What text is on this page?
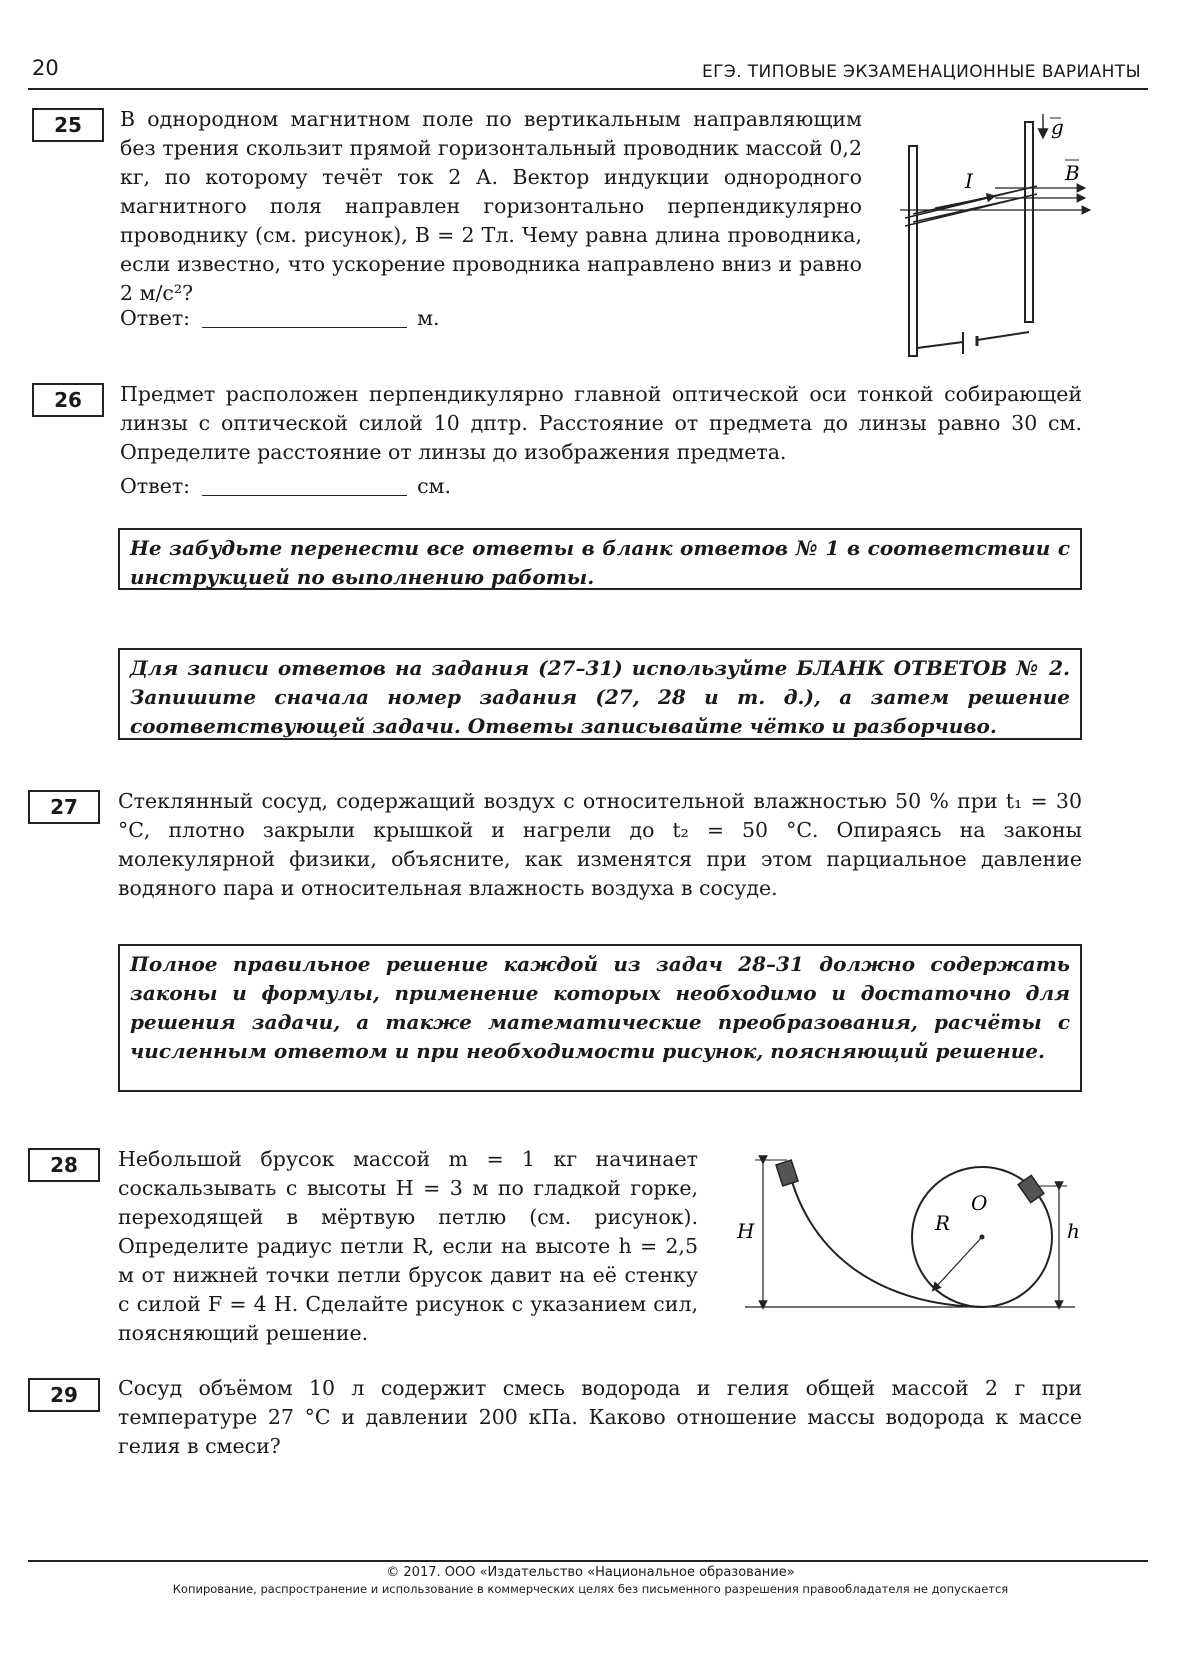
20	ЕГЭ. ТИПОВЫЕ ЭКЗАМЕНАЦИОННЫЕ ВАРИАНТЫ
25	В однородном магнитном поле по вертикальным направляющим без трения скользит прямой горизонтальный проводник массой 0,2 кг, по которому течёт ток 2 А. Вектор индукции однородного магнитного поля направлен горизонтально перпендикулярно проводнику (см. рисунок), B = 2 Тл. Чему равна длина проводника, если известно, что ускорение проводника направлено вниз и равно 2 м/с²?
Ответ:	м.
g
B
I
26	Предмет расположен перпендикулярно главной оптической оси тонкой собирающей линзы с оптической силой 10 дптр. Расстояние от предмета до линзы равно 30 см. Определите расстояние от линзы до изображения предмета.
Ответ:	см.
Не забудьте перенести все ответы в бланк ответов № 1 в соответствии с инструкцией по выполнению работы.
Для записи ответов на задания (27–31) используйте БЛАНК ОТВЕТОВ № 2. Запишите сначала номер задания (27, 28 и т. д.), а затем решение соответствующей задачи. Ответы записывайте чётко и разборчиво.
27	Стеклянный сосуд, содержащий воздух с относительной влажностью 50 % при t₁ = 30 °С, плотно закрыли крышкой и нагрели до t₂ = 50 °С. Опираясь на законы молекулярной физики, объясните, как изменятся при этом парциальное давление водяного пара и относительная влажность воздуха в сосуде.
Полное правильное решение каждой из задач 28–31 должно содержать законы и формулы, применение которых необходимо и достаточно для решения задачи, а также математические преобразования, расчёты с численным ответом и при необходимости рисунок, поясняющий решение.
28	Небольшой брусок массой m = 1 кг начинает соскальзывать с высоты H = 3 м по гладкой горке, переходящей в мёртвую петлю (см. рисунок). Определите радиус петли R, если на высоте h = 2,5 м от нижней точки петли брусок давит на её стенку с силой F = 4 Н. Сделайте рисунок с указанием сил, поясняющий решение.
H	h
R
O
29	Сосуд объёмом 10 л содержит смесь водорода и гелия общей массой 2 г при температуре 27 °С и давлении 200 кПа. Каково отношение массы водорода к массе гелия в смеси?
© 2017. ООО «Издательство «Национальное образование»
Копирование, распространение и использование в коммерческих целях без письменного разрешения правообладателя не допускается
